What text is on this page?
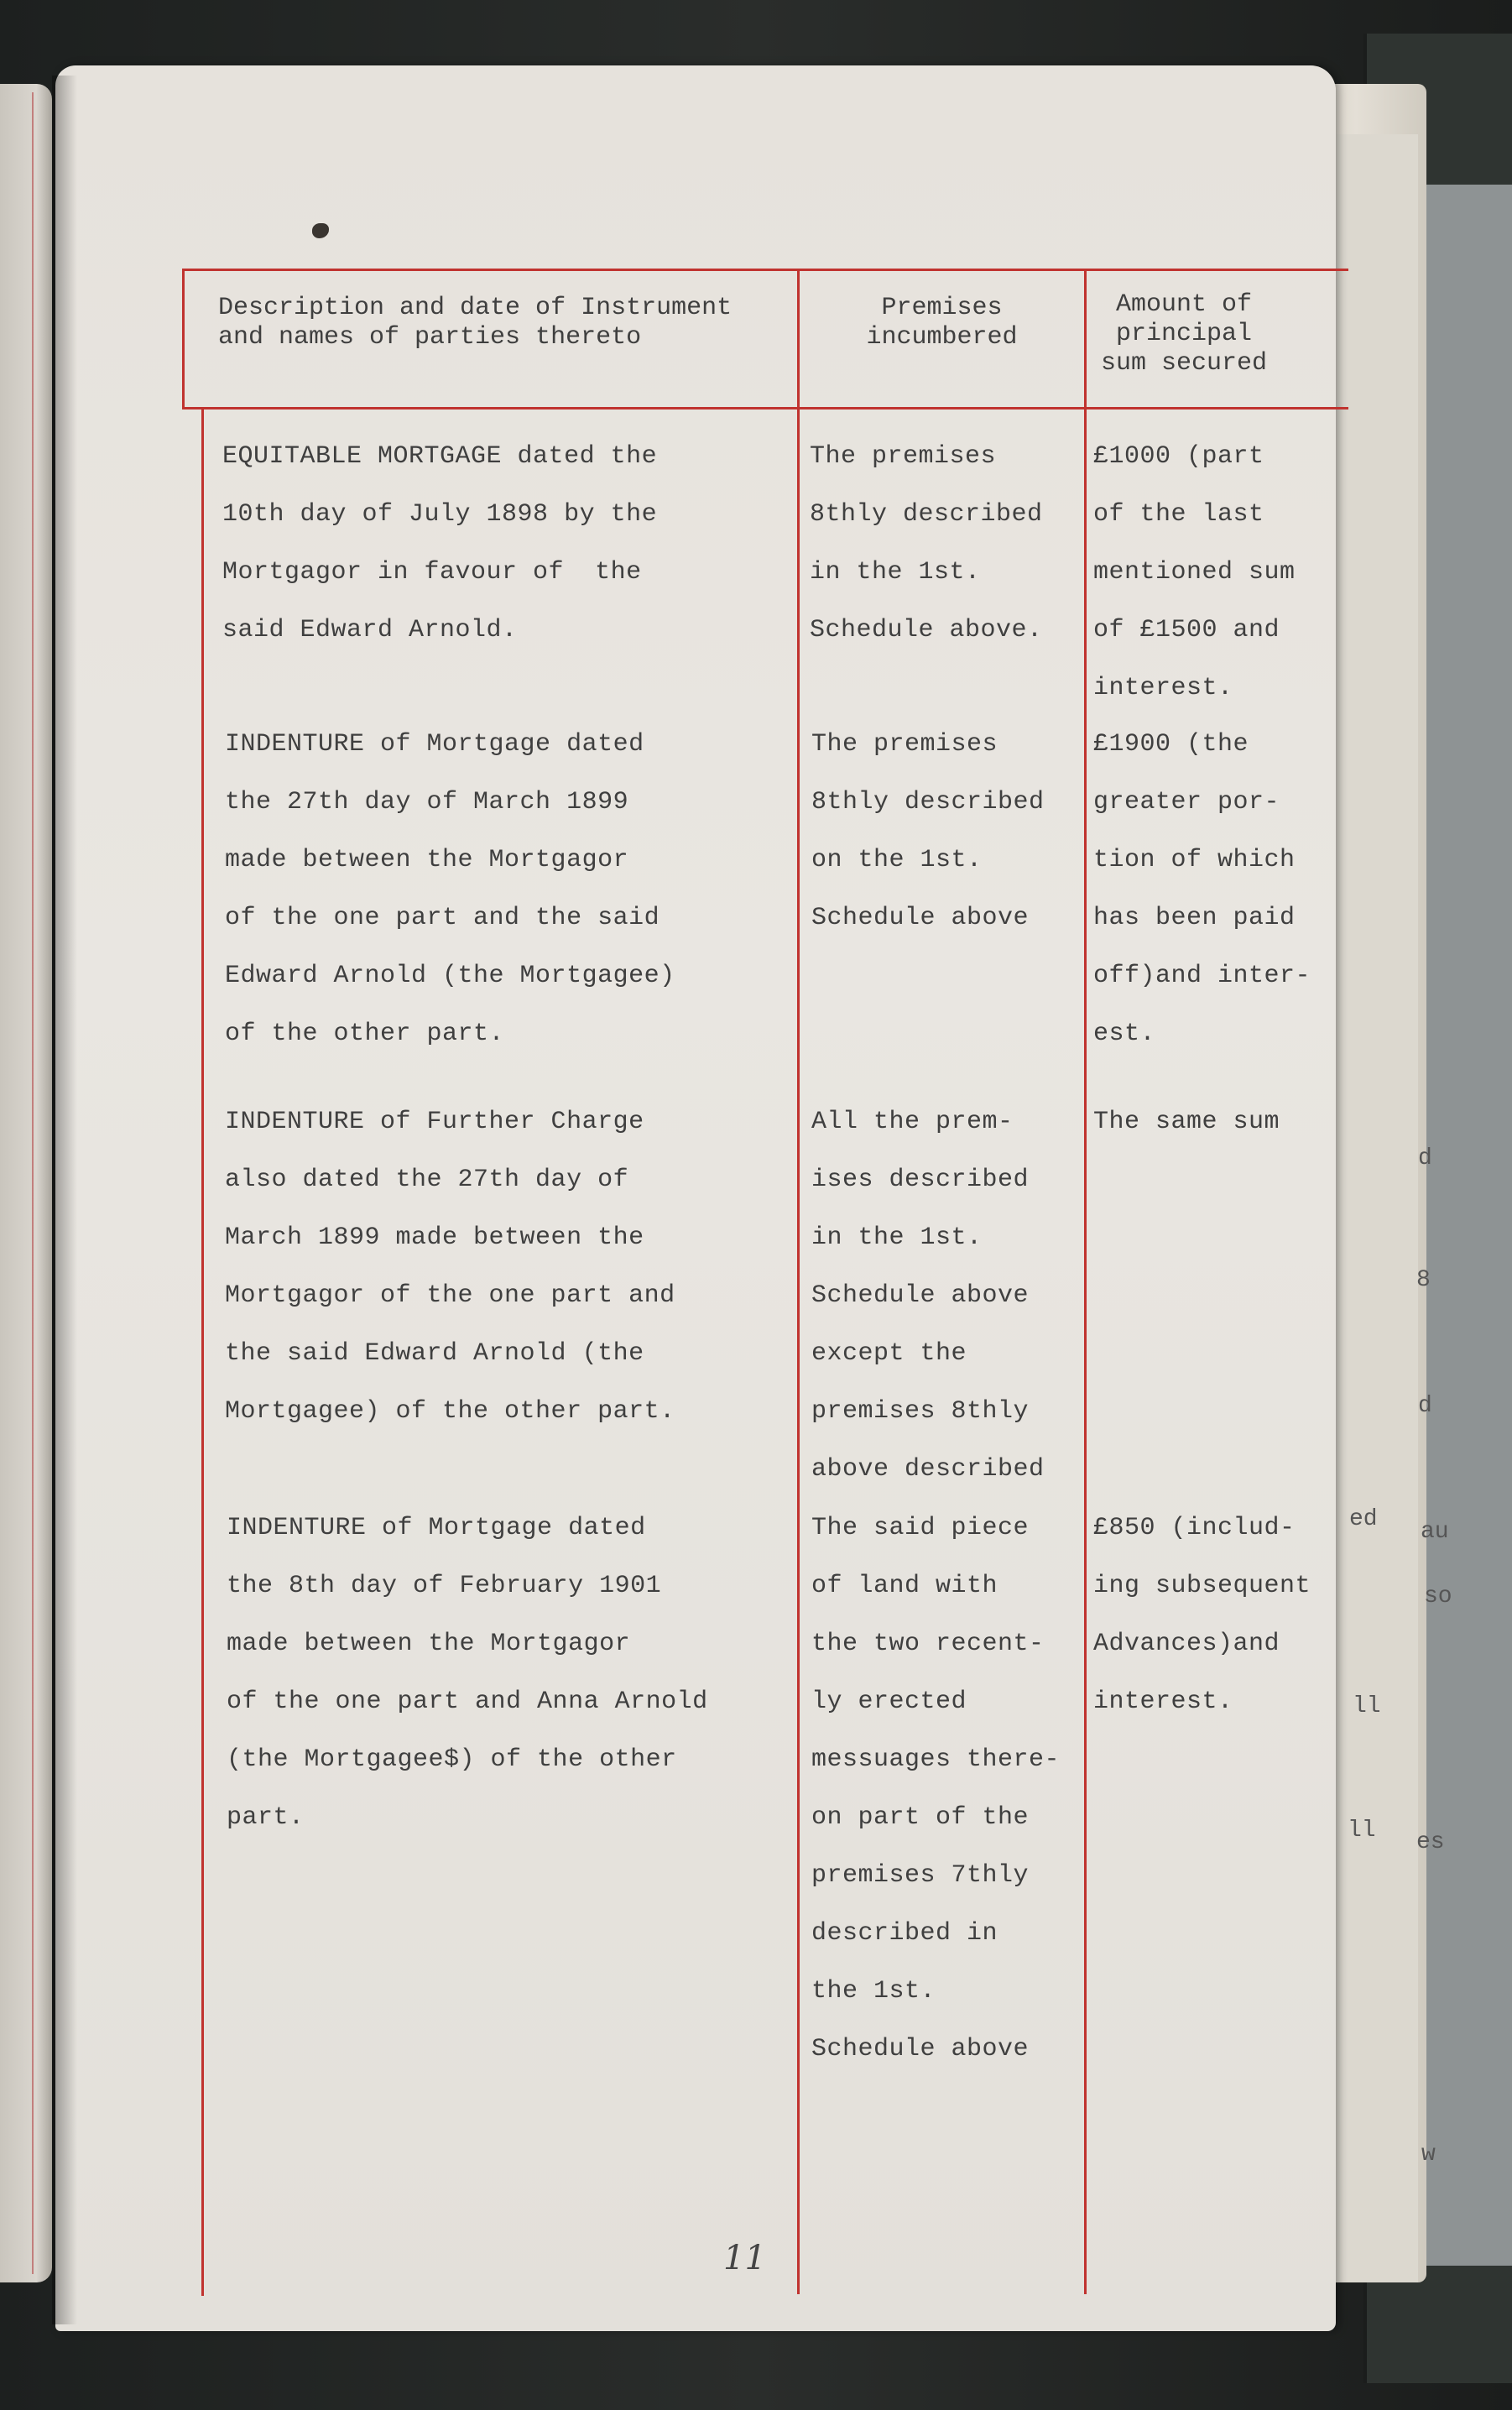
d
8
d
ed au
so
ll
ll es
w
Description and date of Instrument
and names of parties thereto
Premises
incumbered
Amount of
principal
sum secured
EQUITABLE MORTGAGE dated the
10th day of July 1898 by the
Mortgagor in favour of  the
said Edward Arnold.
The premises
8thly described
in the 1st.
Schedule above.
£1000 (part
of the last
mentioned sum
of £1500 and
interest.
INDENTURE of Mortgage dated
the 27th day of March 1899
made between the Mortgagor
of the one part and the said
Edward Arnold (the Mortgagee)
of the other part.
The premises
8thly described
on the 1st.
Schedule above
£1900 (the
greater por-
tion of which
has been paid
off)and inter-
est.
INDENTURE of Further Charge
also dated the 27th day of
March 1899 made between the
Mortgagor of the one part and
the said Edward Arnold (the
Mortgagee) of the other part.
All the prem-
ises described
in the 1st.
Schedule above
except the
premises 8thly
above described
The same sum
INDENTURE of Mortgage dated
the 8th day of February 1901
made between the Mortgagor
of the one part and Anna Arnold
(the Mortgagee$) of the other
part.
The said piece
of land with
the two recent-
ly erected
messuages there-
on part of the
premises 7thly
described in
the 1st.
Schedule above
£850 (includ-
ing subsequent
Advances)and
interest.
11
